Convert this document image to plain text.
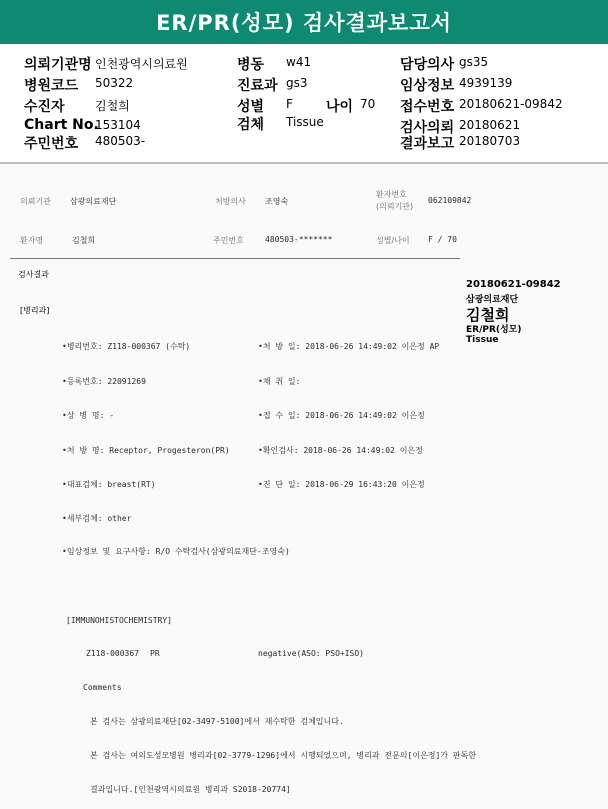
ER/PR(성모) 검사결과보고서
의뢰기관명 인천광역시의료원
병원코드 50322
수진자	김철희
Chart No.
153104
주민번호 480503-
병동 w41
진료과 gs3
성별 F 나이 70
검체 Tissue
담당의사 gs35
임상정보 4939139
접수번호 20180621-09842
검사의뢰 20180621
결과보고 20180703
의뢰기관 삼광의료재단	처방의사 조영숙
환자번호
(의뢰기관)
062109842
환자명	김철희	주민번호	480503-*******	성별/나이 F / 70
검사결과
[병리과]
20180621-09842
삼광의료재단
김철희
ER/PR(성모)
Tissue
•병리번호: Z118-000367 (수탁)
•등록번호: 22091269
•상 병 명: -
•처 방 명: Receptor, Progesteron(PR)
•대표검체: breast(RT)
•세부검체: other
•임상정보 및 요구사항: R/O 수탁검사(삼광의료재단-조영숙)
•처 방 일: 2018-06-26 14:49:02 이은정 AP
•채 취 일:
•접 수 일: 2018-06-26 14:49:02 이은정
•확인검사: 2018-06-26 14:49:02 이은정
•진 단 일: 2018-06-29 16:43:20 이은정
[IMMUNOHISTOCHEMISTRY]
Z118-000367 PR	negative(ASO: PSO+ISO)
Comments
본 검사는 삼광의료재단[02-3497-5100]에서 재수탁한 검체입니다.
본 검사는 여의도성모병원 병리과[02-3779-1296]에서 시행되었으며, 병리과 전문의[이은정]가 판독한
결과입니다.[인천광역시의료원 병리과 S2018-20774]
